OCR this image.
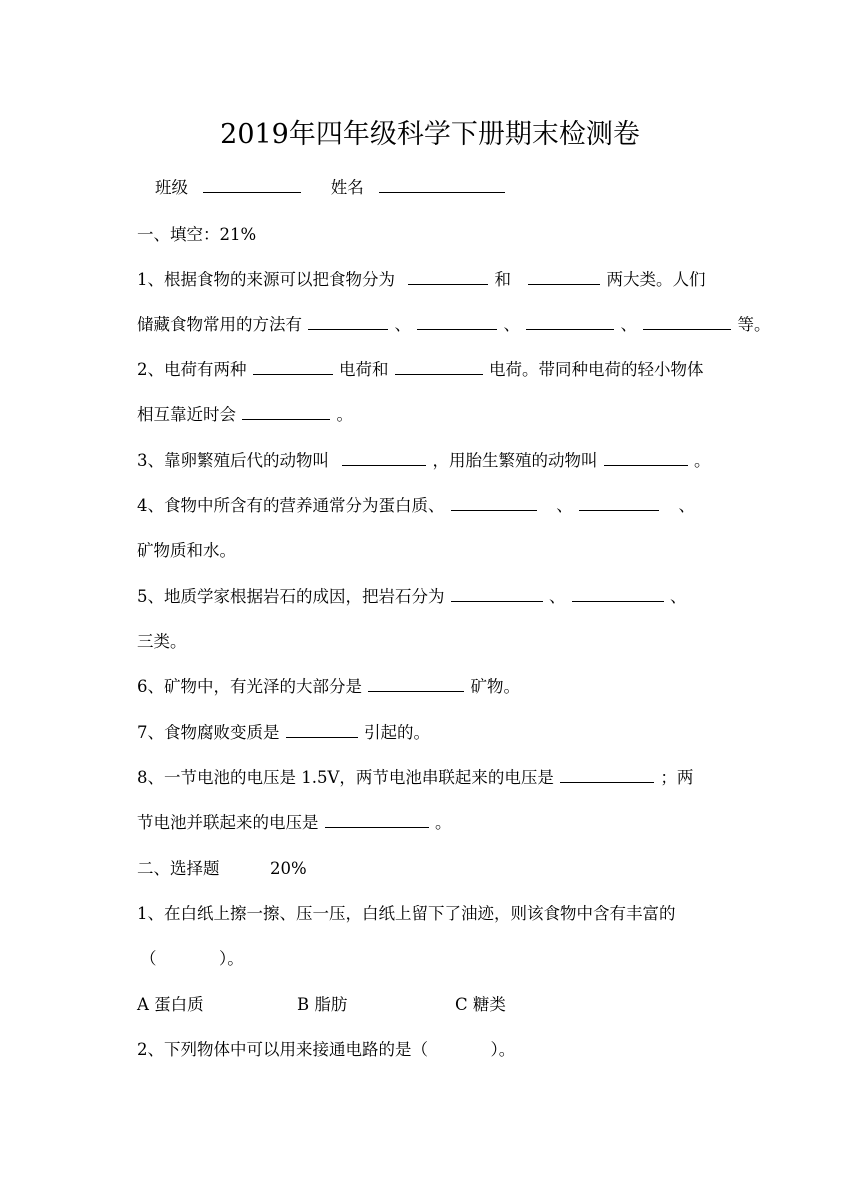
2019年四年级科学下册期末检测卷
班级	姓名
一、填空：21%
1、根据食物的来源可以把食物分为	和	两大类。人们
储藏食物常用的方法有	、	、	、	等。
2、电荷有两种	电荷和	电荷。带同种电荷的轻小物体
相互靠近时会	。
3、靠卵繁殖后代的动物叫	，用胎生繁殖的动物叫	。
4、食物中所含有的营养通常分为蛋白质、	、	、
矿物质和水。
5、地质学家根据岩石的成因，把岩石分为	、	、
三类。
6、矿物中，有光泽的大部分是	矿物。
7、食物腐败变质是	引起的。
8、一节电池的电压是 1.5V，两节电池串联起来的电压是	；两
节电池并联起来的电压是	。
二、选择题	20%
1、在白纸上擦一擦、压一压，白纸上留下了油迹，则该食物中含有丰富的
（	）。
A 蛋白质	B 脂肪	C 糖类
2、下列物体中可以用来接通电路的是（	）。
